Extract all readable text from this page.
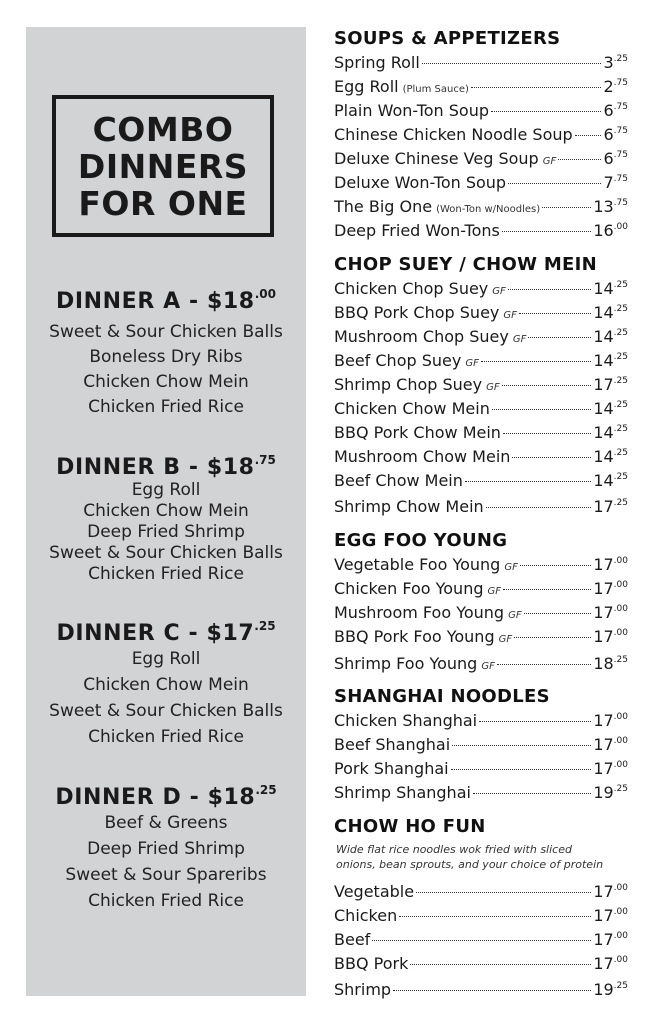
COMBO
DINNERS
FOR ONE
DINNER A - $\$18^{.00}$
Sweet & Sour Chicken Balls
Boneless Dry Ribs
Chicken Chow Mein
Chicken Fried Rice
DINNER B - $\$18^{.75}$
Egg Roll
Chicken Chow Mein
Deep Fried Shrimp
Sweet & Sour Chicken Balls
Chicken Fried Rice
DINNER C - $\$17^{.25}$
Egg Roll
Chicken Chow Mein
Sweet & Sour Chicken Balls
Chicken Fried Rice
DINNER D - $\$18^{.25}$
Beef & Greens
Deep Fried Shrimp
Sweet & Sour Spareribs
Chicken Fried Rice
SOUPS & APPETIZERS
Spring Roll	$3^{.25}$
Egg Roll (Plum Sauce)	$2^{.75}$
Plain Won-Ton Soup	$6^{.75}$
Chinese Chicken Noodle Soup $6^{.75}$
Deluxe Chinese Veg Soup GF	$6^{.75}$
Deluxe Won-Ton Soup	$7^{.75}$
The Big One (Won-Ton w/Noodles)	$13^{.75}$
Deep Fried Won-Tons	$16^{.00}$
CHOP SUEY / CHOW MEIN
Chicken Chop Suey GF	$14^{.25}$
BBQ Pork Chop Suey GF	$14^{.25}$
Mushroom Chop Suey GF	$14^{.25}$
Beef Chop Suey GF	$14^{.25}$
Shrimp Chop Suey GF	$17^{.25}$
Chicken Chow Mein	$14^{.25}$
BBQ Pork Chow Mein	$14^{.25}$
Mushroom Chow Mein	$14^{.25}$
Beef Chow Mein	$14^{.25}$
Shrimp Chow Mein	$17^{.25}$
EGG FOO YOUNG
Vegetable Foo Young GF	$17^{.00}$
Chicken Foo Young GF	$17^{.00}$
Mushroom Foo Young GF	$17^{.00}$
BBQ Pork Foo Young GF	$17^{.00}$
Shrimp Foo Young GF	$18^{.25}$
SHANGHAI NOODLES
Chicken Shanghai	$17^{.00}$
Beef Shanghai	$17^{.00}$
Pork Shanghai	$17^{.00}$
Shrimp Shanghai	$19^{.25}$
CHOW HO FUN
Wide flat rice noodles wok fried with sliced
onions, bean sprouts, and your choice of protein
Vegetable	$17^{.00}$
Chicken	$17^{.00}$
Beef	$17^{.00}$
BBQ Pork	$17^{.00}$
Shrimp	$19^{.25}$
